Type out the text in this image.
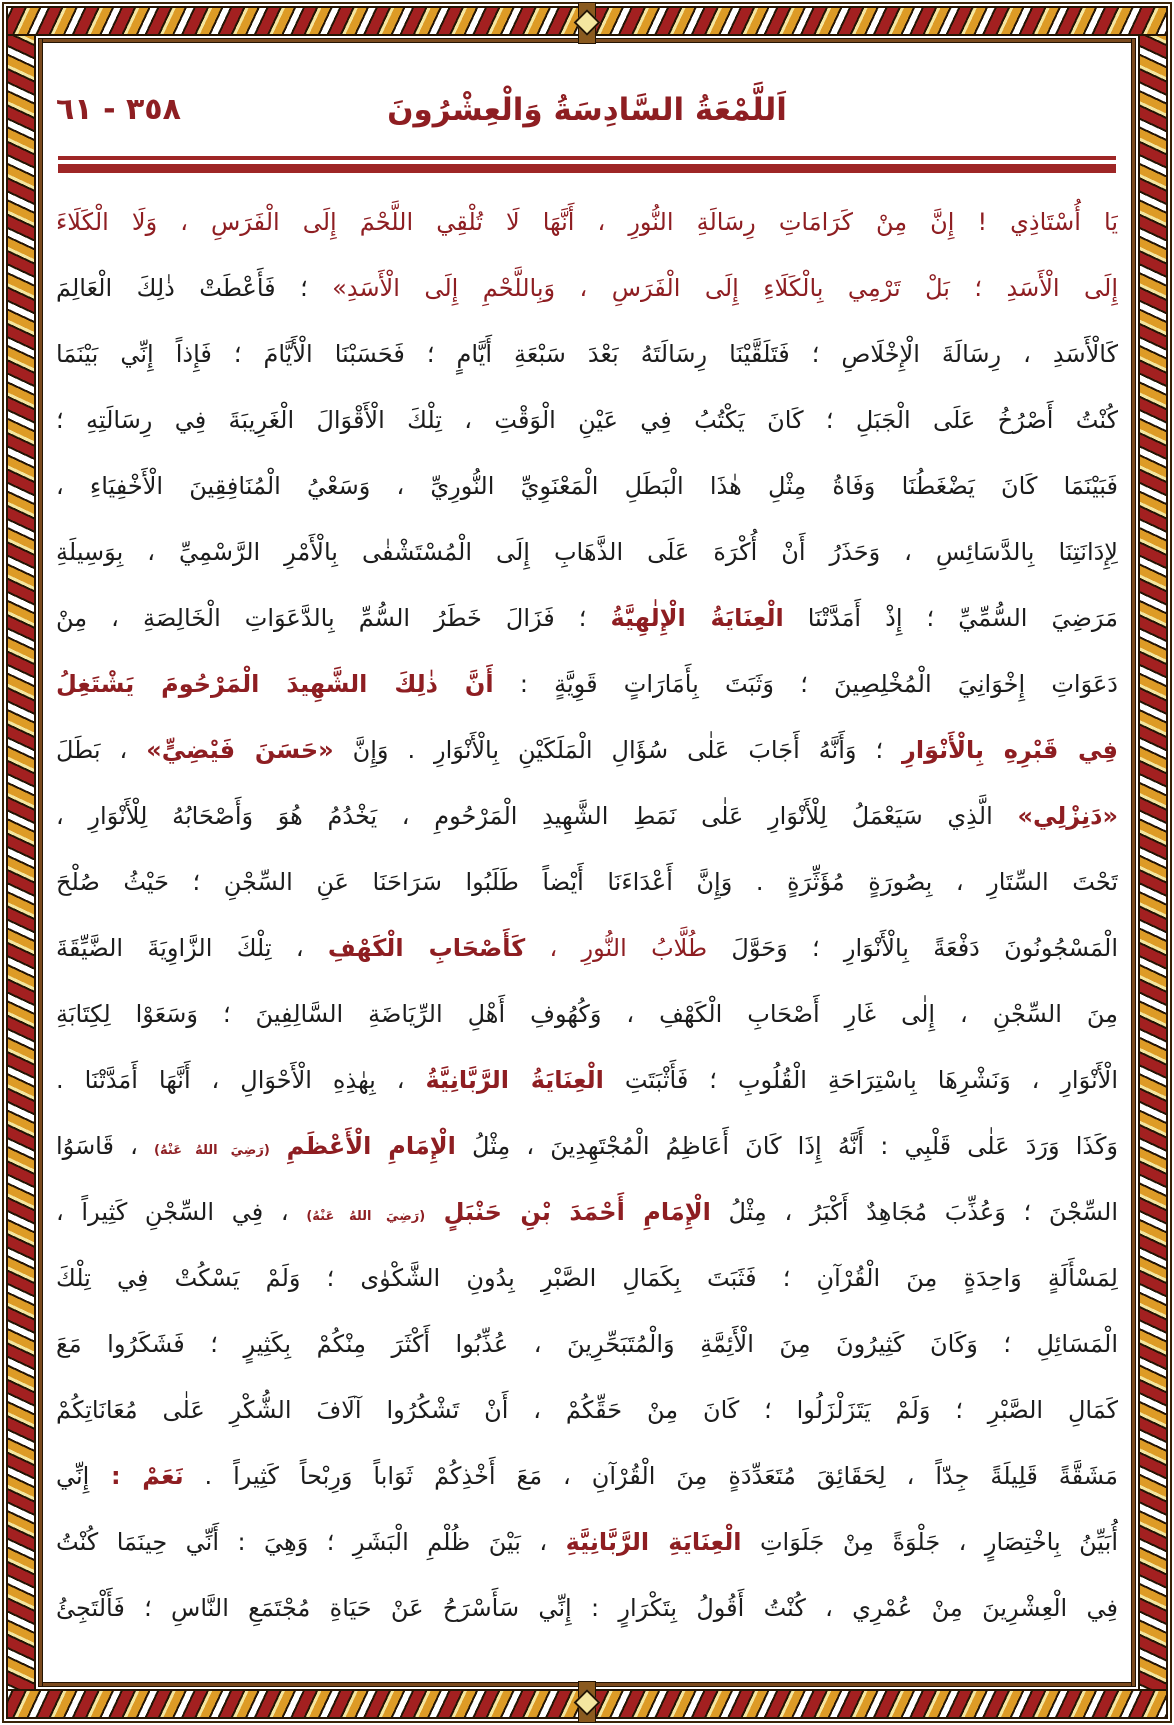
اَللَّمْعَةُ السَّادِسَةُ وَالْعِشْرُونَ
٣٥٨ - ٦١
يَا أُسْتَاذِي ! إِنَّ مِنْ كَرَامَاتِ رِسَالَةِ النُّورِ ، أَنَّهَا لَا تُلْقِي اللَّحْمَ إِلَى الْفَرَسِ ، وَلَا الْكَلَاءَ
إِلَى الْأَسَدِ ؛ بَلْ تَرْمِي بِالْكَلَاءِ إِلَى الْفَرَسِ ، وَبِاللَّحْمِ إِلَى الْأَسَدِ» ؛ فَأَعْطَتْ ذٰلِكَ الْعَالِمَ
كَالْأَسَدِ ، رِسَالَةَ الْإِخْلَاصِ ؛ فَتَلَقَّيْنَا رِسَالَتَهُ بَعْدَ سَبْعَةِ أَيَّامٍ ؛ فَحَسَبْنَا الْأَيَّامَ ؛ فَإِذاً إِنِّي بَيْنَمَا
كُنْتُ أَصْرُخُ عَلَى الْجَبَلِ ؛ كَانَ يَكْتُبُ فِي عَيْنِ الْوَقْتِ ، تِلْكَ الْأَقْوَالَ الْغَرِيبَةَ فِي رِسَالَتِهِ ؛
فَبَيْنَمَا كَانَ يَضْغَطُنَا وَفَاةُ مِثْلِ هٰذَا الْبَطَلِ الْمَعْنَوِيِّ النُّورِيِّ ، وَسَعْيُ الْمُنَافِقِينَ الْأَخْفِيَاءِ ،
لِإِدَانَتِنَا بِالدَّسَائِسِ ، وَحَذَرُ أَنْ أُكْرَهَ عَلَى الذَّهَابِ إِلَى الْمُسْتَشْفٰى بِالْأَمْرِ الرَّسْمِيِّ ، بِوَسِيلَةِ
مَرَضِيَ السُّمِّيِّ ؛ إِذْ أَمَدَّتْنَا الْعِنَايَةُ الْإِلٰهِيَّةُ ؛ فَزَالَ خَطَرُ السُّمِّ بِالدَّعَوَاتِ الْخَالِصَةِ ، مِنْ
دَعَوَاتِ إِخْوَانِيَ الْمُخْلِصِينَ ؛ وَثَبَتَ بِأَمَارَاتٍ قَوِيَّةٍ : أَنَّ ذٰلِكَ الشَّهِيدَ الْمَرْحُومَ يَشْتَغِلُ
فِي قَبْرِهِ بِالْأَنْوَارِ ؛ وَأَنَّهُ أَجَابَ عَلٰى سُؤَالِ الْمَلَكَيْنِ بِالْأَنْوَارِ . وَإِنَّ «حَسَنَ فَيْضِيٍّ» ، بَطَلَ
«دَنِزْلِي» الَّذِي سَيَعْمَلُ لِلْأَنْوَارِ عَلٰى نَمَطِ الشَّهِيدِ الْمَرْحُومِ ، يَخْدُمُ هُوَ وَأَصْحَابُهُ لِلْأَنْوَارِ ،
تَحْتَ السِّتَارِ ، بِصُورَةٍ مُؤَثِّرَةٍ . وَإِنَّ أَعْدَاءَنَا أَيْضاً طَلَبُوا سَرَاحَنَا عَنِ السِّجْنِ ؛ حَيْثُ صُلْحَ
الْمَسْجُونُونَ دَفْعَةً بِالْأَنْوَارِ ؛ وَحَوَّلَ طُلَّابُ النُّورِ ، كَأَصْحَابِ الْكَهْفِ ، تِلْكَ الزَّاوِيَةَ الضَّيِّقَةَ
مِنَ السِّجْنِ ، إِلٰى غَارِ أَصْحَابِ الْكَهْفِ ، وَكُهُوفِ أَهْلِ الرِّيَاضَةِ السَّالِفِينَ ؛ وَسَعَوْا لِكِتَابَةِ
الْأَنْوَارِ ، وَنَشْرِهَا بِاسْتِرَاحَةِ الْقُلُوبِ ؛ فَأَثْبَتَتِ الْعِنَايَةُ الرَّبَّانِيَّةُ ، بِهٰذِهِ الْأَحْوَالِ ، أَنَّهَا أَمَدَّتْنَا .
وَكَذَا وَرَدَ عَلٰى قَلْبِي : أَنَّهُ إِذَا كَانَ أَعَاظِمُ الْمُجْتَهِدِينَ ، مِثْلُ الْإِمَامِ الْأَعْظَمِ (رَضِيَ اللهُ عَنْهُ) ، قَاسَوُا
السِّجْنَ ؛ وَعُذِّبَ مُجَاهِدٌ أَكْبَرُ ، مِثْلُ الْإِمَامِ أَحْمَدَ بْنِ حَنْبَلٍ (رَضِيَ اللهُ عَنْهُ) ، فِي السِّجْنِ كَثِيراً ،
لِمَسْأَلَةٍ وَاحِدَةٍ مِنَ الْقُرْآنِ ؛ فَثَبَتَ بِكَمَالِ الصَّبْرِ بِدُونِ الشَّكْوٰى ؛ وَلَمْ يَسْكُتْ فِي تِلْكَ
الْمَسَائِلِ ؛ وَكَانَ كَثِيرُونَ مِنَ الْأَئِمَّةِ وَالْمُتَبَحِّرِينَ ، عُذِّبُوا أَكْثَرَ مِنْكُمْ بِكَثِيرٍ ؛ فَشَكَرُوا مَعَ
كَمَالِ الصَّبْرِ ؛ وَلَمْ يَتَزَلْزَلُوا ؛ كَانَ مِنْ حَقِّكُمْ ، أَنْ تَشْكُرُوا آلَافَ الشُّكْرِ عَلٰى مُعَانَاتِكُمْ
مَشَقَّةً قَلِيلَةً جِدّاً ، لِحَقَائِقَ مُتَعَدِّدَةٍ مِنَ الْقُرْآنِ ، مَعَ أَخْذِكُمْ ثَوَاباً وَرِبْحاً كَثِيراً . نَعَمْ : إِنِّي
أُبَيِّنُ بِاخْتِصَارٍ ، جَلْوَةً مِنْ جَلَوَاتِ الْعِنَايَةِ الرَّبَّانِيَّةِ ، بَيْنَ ظُلْمِ الْبَشَرِ ؛ وَهِيَ : أَنِّي حِينَمَا كُنْتُ
فِي الْعِشْرِينَ مِنْ عُمْرِي ، كُنْتُ أَقُولُ بِتَكْرَارٍ : إِنِّي سَأَسْرَحُ عَنْ حَيَاةِ مُجْتَمَعِ النَّاسِ ؛ فَأَلْتَجِئُ
